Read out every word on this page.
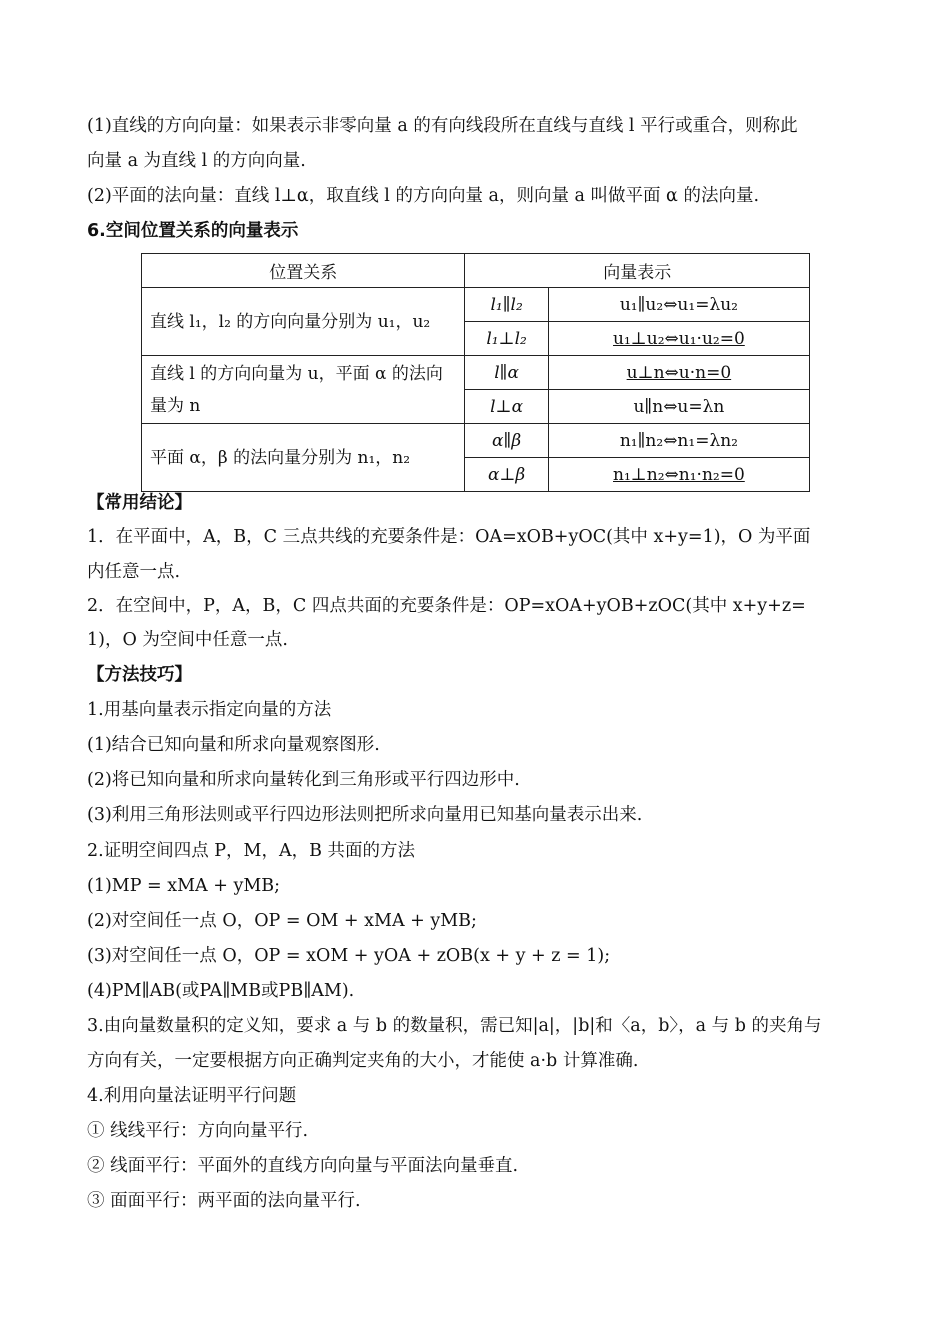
(1)直线的方向向量：如果表示非零向量 a 的有向线段所在直线与直线 l 平行或重合，则称此
向量 a 为直线 l 的方向向量.
(2)平面的法向量：直线 l⊥α，取直线 l 的方向向量 a，则向量 a 叫做平面 α 的法向量.
6.空间位置关系的向量表示
位置关系	向量表示	
直线 l₁，l₂ 的方向向量分别为 u₁，u₂	l₁∥l₂	u₁∥u₂⇔u₁=λu₂
	l₁⊥l₂	u₁⊥u₂⇔u₁·u₂=0
直线 l 的方向向量为 u，平面 α 的法向量为 n	l∥α	u⊥n⇔u·n=0
	l⊥α	u∥n⇔u=λn
平面 α，β 的法向量分别为 n₁，n₂	α∥β	n₁∥n₂⇔n₁=λn₂
	α⊥β	n₁⊥n₂⇔n₁·n₂=0
【常用结论】
1．在平面中，A，B，C 三点共线的充要条件是：OA=xOB+yOC(其中 x+y=1)，O 为平面
内任意一点.
2．在空间中，P，A，B，C 四点共面的充要条件是：OP=xOA+yOB+zOC(其中 x+y+z=
1)，O 为空间中任意一点.
【方法技巧】
1.用基向量表示指定向量的方法
(1)结合已知向量和所求向量观察图形.
(2)将已知向量和所求向量转化到三角形或平行四边形中.
(3)利用三角形法则或平行四边形法则把所求向量用已知基向量表示出来.
2.证明空间四点 P，M，A，B 共面的方法
(1)MP = xMA + yMB;
(2)对空间任一点 O，OP = OM + xMA + yMB;
(3)对空间任一点 O，OP = xOM + yOA + zOB(x + y + z = 1);
(4)PM∥AB(或PA∥MB或PB∥AM).
3.由向量数量积的定义知，要求 a 与 b 的数量积，需已知|a|，|b|和〈a，b〉，a 与 b 的夹角与
方向有关，一定要根据方向正确判定夹角的大小，才能使 a·b 计算准确.
4.利用向量法证明平行问题
① 线线平行：方向向量平行.
② 线面平行：平面外的直线方向向量与平面法向量垂直.
③ 面面平行：两平面的法向量平行.
